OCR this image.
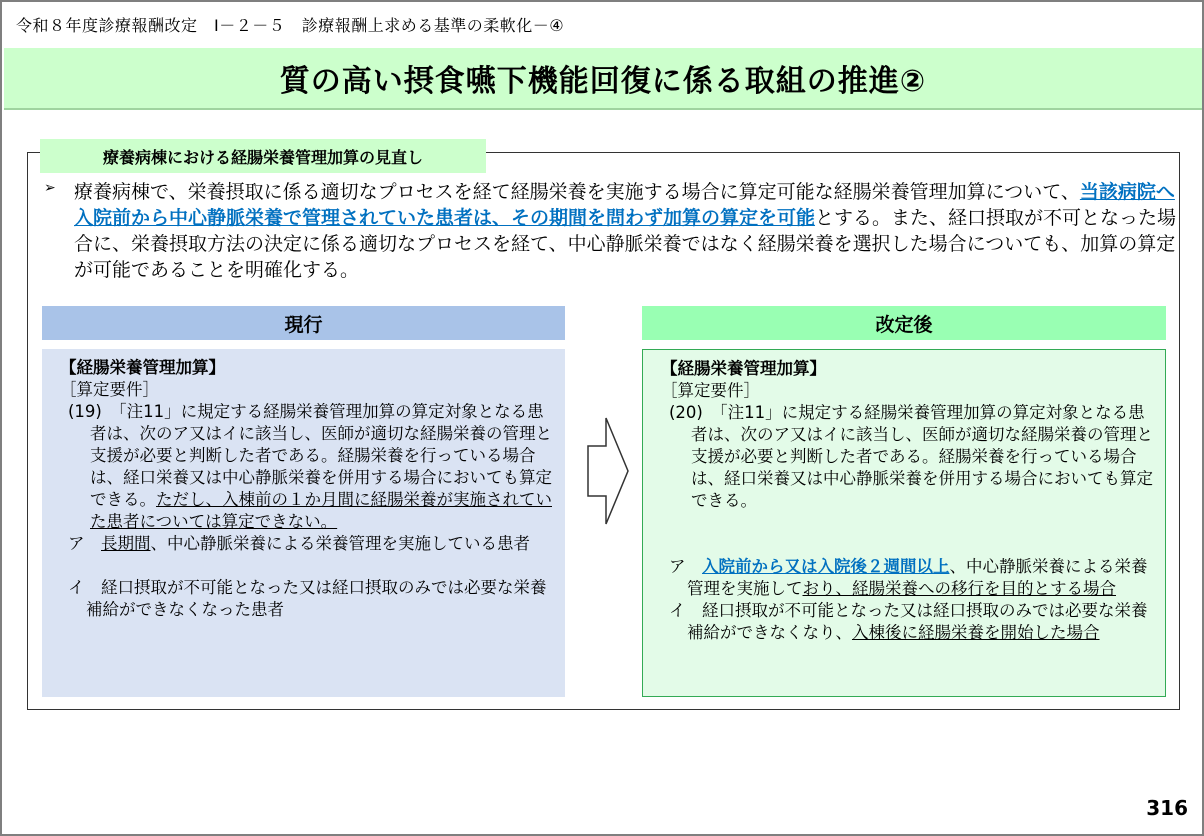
令和８年度診療報酬改定　Ⅰ－２－５　診療報酬上求める基準の柔軟化－④
質の高い摂食嚥下機能回復に係る取組の推進②
療養病棟における経腸栄養管理加算の見直し
➢ 療養病棟で、栄養摂取に係る適切なプロセスを経て経腸栄養を実施する場合に算定可能な経腸栄養管理加算について、当該病院へ入院前から中心静脈栄養で管理されていた患者は、その期間を問わず加算の算定を可能とする。また、経口摂取が不可となった場合に、栄養摂取方法の決定に係る適切なプロセスを経て、中心静脈栄養ではなく経腸栄養を選択した場合についても、加算の算定が可能であることを明確化する。

現行	改定後

【経腸栄養管理加算】

［算定要件］

(19)　「注11」に規定する経腸栄養管理加算の算定対象となる患者は、次のア又はイに該当し、医師が適切な経腸栄養の管理と支援が必要と判断した者である。経腸栄養を行っている場合は、経口栄養又は中心静脈栄養を併用する場合においても算定できる。ただし、入棟前の１か月間に経腸栄養が実施されていた患者については算定できない。

ア　長期間、中心静脈栄養による栄養管理を実施している患者

イ　経口摂取が不可能となった又は経口摂取のみでは必要な栄養補給ができなくなった患者

【経腸栄養管理加算】

［算定要件］

(20)　「注11」に規定する経腸栄養管理加算の算定対象となる患者は、次のア又はイに該当し、医師が適切な経腸栄養の管理と支援が必要と判断した者である。経腸栄養を行っている場合は、経口栄養又は中心静脈栄養を併用する場合においても算定できる。

ア　入院前から又は入院後２週間以上、中心静脈栄養による栄養管理を実施しており、経腸栄養への移行を目的とする場合

イ　経口摂取が不可能となった又は経口摂取のみでは必要な栄養補給ができなくなり、入棟後に経腸栄養を開始した場合

316
